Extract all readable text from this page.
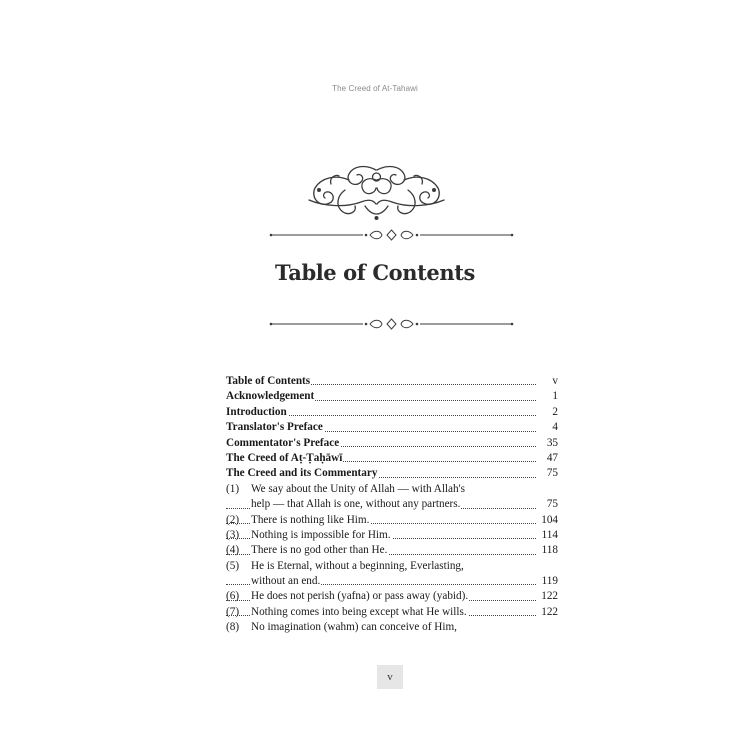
The Creed of At-Tahawi
Table of Contents
Table of Contents	v
Acknowledgement	1
Introduction	2
Translator's Preface	4
Commentator's Preface	35
The Creed of Aṭ-Ṭaḥāwī	47
The Creed and its Commentary	75
(1)	We say about the Unity of Allah — with Allah's
help — that Allah is one, without any partners.	75
(2)	There is nothing like Him.	104
(3)	Nothing is impossible for Him.	114
(4)	There is no god other than He.	118
(5)	He is Eternal, without a beginning, Everlasting,
without an end.	119
(6)	He does not perish (yafna) or pass away (yabid).	122
(7)	Nothing comes into being except what He wills.	122
(8)	No imagination (wahm) can conceive of Him,
v
